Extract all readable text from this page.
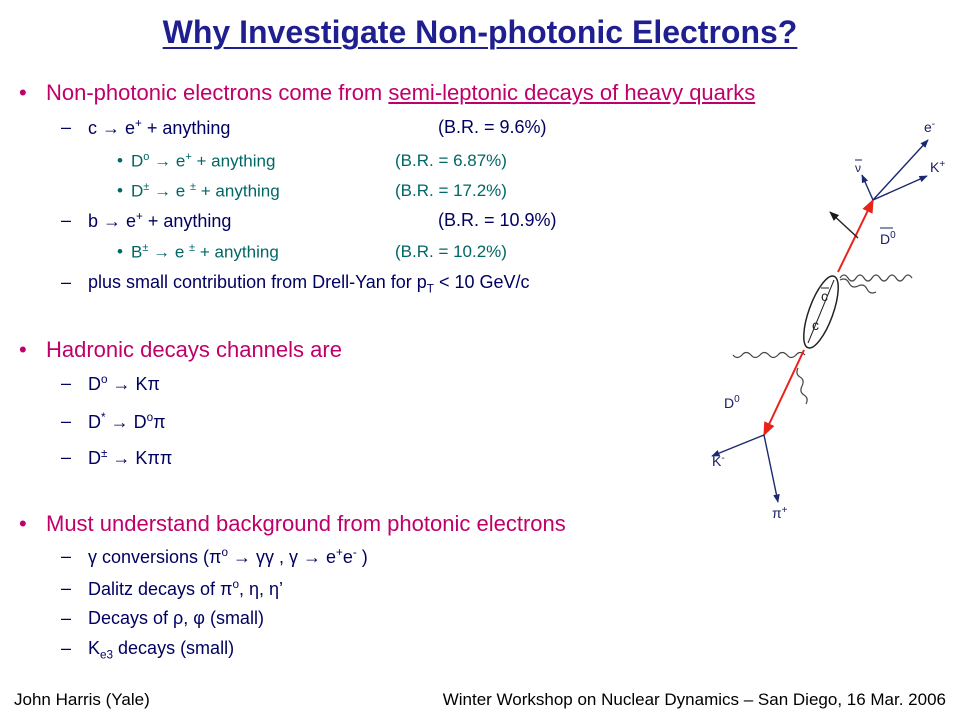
Why Investigate Non-photonic Electrons?
• Non-photonic electrons come from semi-leptonic decays of heavy quarks
– c → e+ + anything	(B.R. = 9.6%)
• $D^o \to e^+$ + anything	(B.R. = 6.87%)
• D± → e ± + anything	(B.R. = 17.2%)
– b → e+ + anything	(B.R. = 10.9%)
• B± → e ± + anything	(B.R. = 10.2%)
– plus small contribution from Drell-Yan for $p_T < 10$ GeV/c
• Hadronic decays channels are
– $D^o \to K\pi$
– $D^* \to D^o\pi$
– D± → Kππ
• Must understand background from photonic electrons
– γ conversions ($\pi^o \to \gamma\gamma$ , γ → e+e- )
– Dalitz decays of $\pi^o$, η, η’
– Decays of ρ, φ (small)
– $K_{e3}$ decays (small)
c
c
$D^0$
e-
ν	K+
$D^0$
K-
π+
John Harris (Yale)	Winter Workshop on Nuclear Dynamics – San Diego, 16 Mar. 2006
